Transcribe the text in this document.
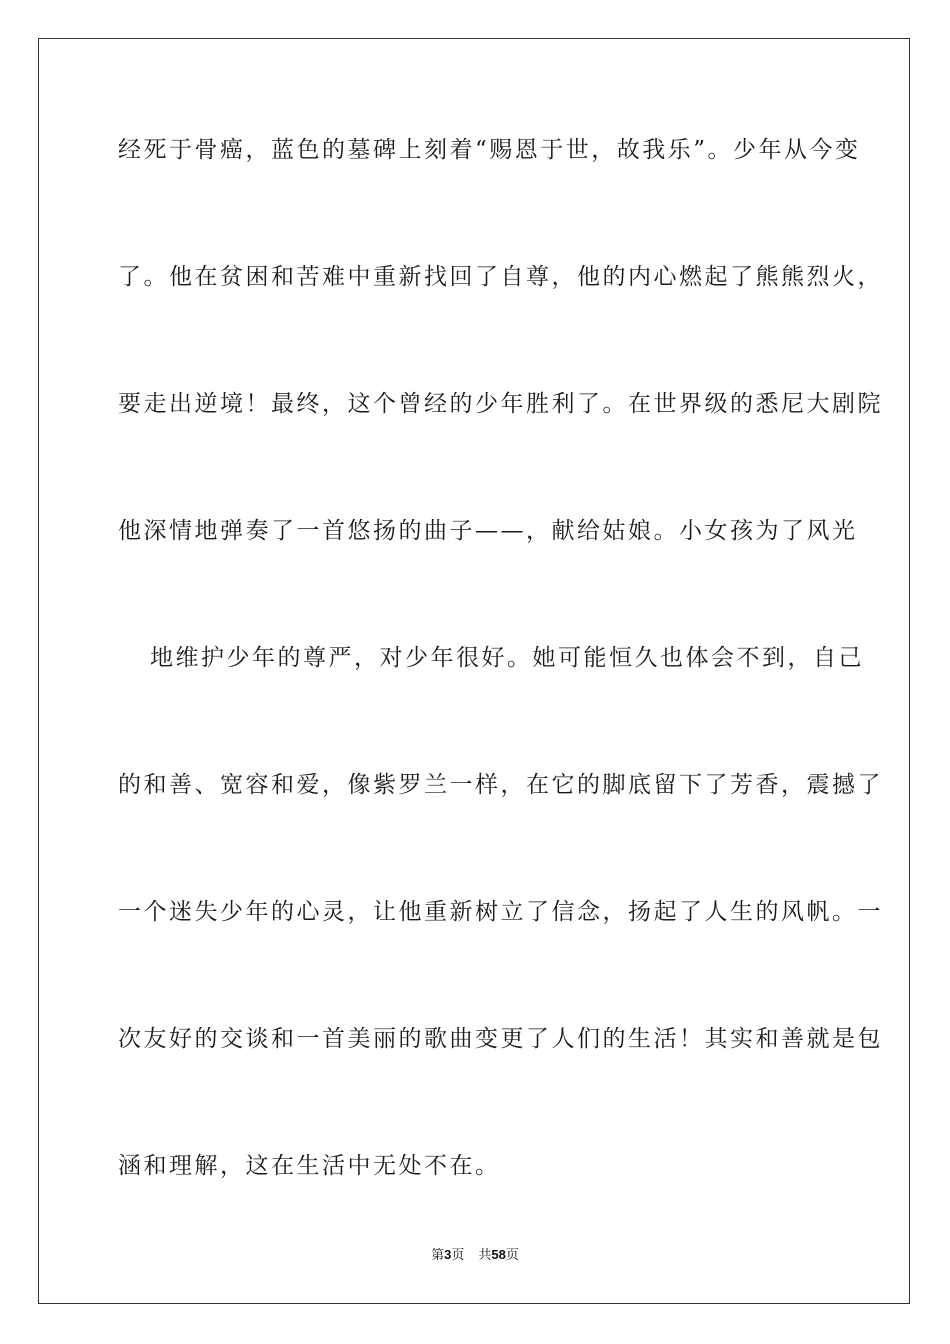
经死于骨癌，蓝色的墓碑上刻着“赐恩于世，故我乐”。少年从今变
了。他在贫困和苦难中重新找回了自尊，他的内心燃起了熊熊烈火，
要走出逆境！最终，这个曾经的少年胜利了。在世界级的悉尼大剧院
他深情地弹奏了一首悠扬的曲子——，献给姑娘。小女孩为了风光
地维护少年的尊严，对少年很好。她可能恒久也体会不到，自己
的和善、宽容和爱，像紫罗兰一样，在它的脚底留下了芳香，震撼了
一个迷失少年的心灵，让他重新树立了信念，扬起了人生的风帆。一
次友好的交谈和一首美丽的歌曲变更了人们的生活！其实和善就是包
涵和理解，这在生活中无处不在。
第3页 共58页
